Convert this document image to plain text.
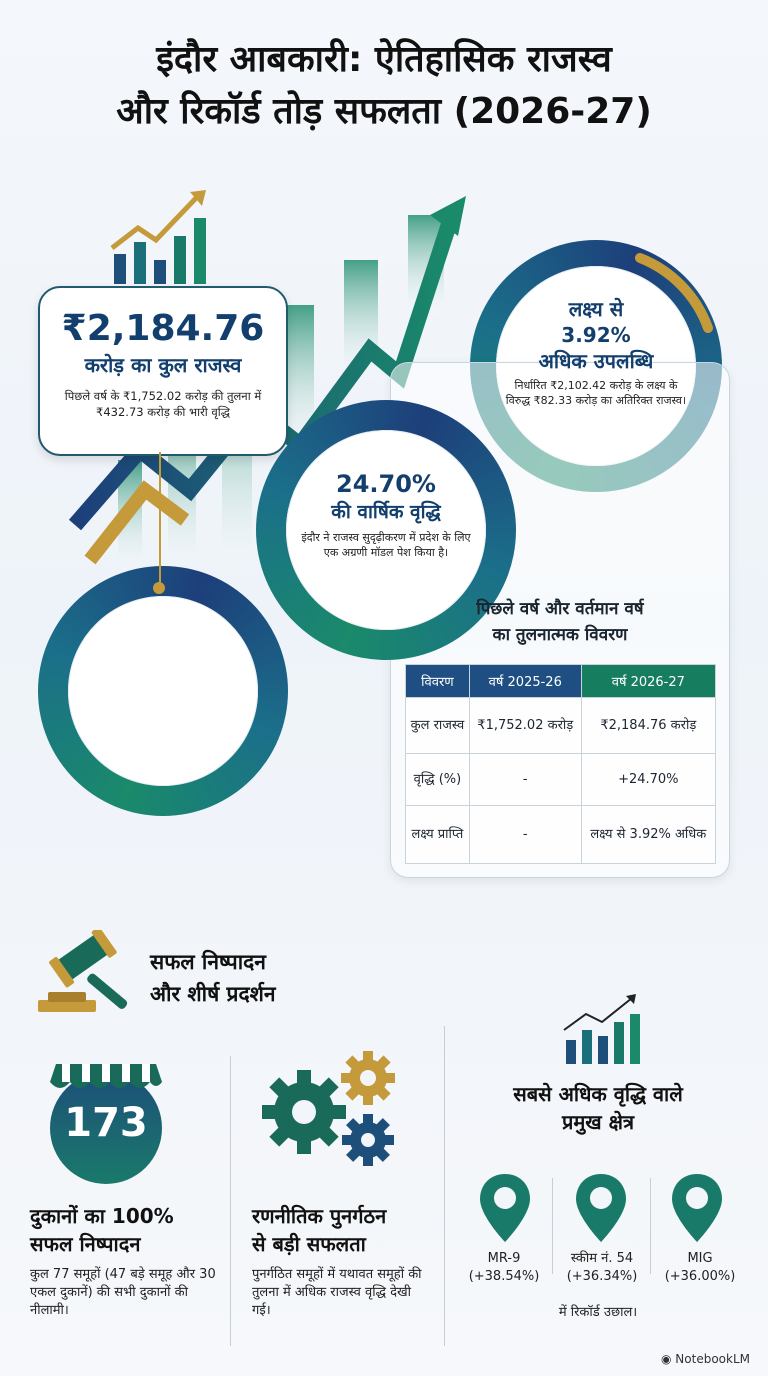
इंदौर आबकारी: ऐतिहासिक राजस्व
और रिकॉर्ड तोड़ सफलता (2026-27)
₹2,184.76
करोड़ का कुल राजस्व
पिछले वर्ष के ₹1,752.02 करोड़ की तुलना में ₹432.73 करोड़ की भारी वृद्धि
लक्ष्य से
3.92%
अधिक उपलब्धि
निर्धारित ₹2,102.42 करोड़ के लक्ष्य के विरुद्ध ₹82.33 करोड़ का अतिरिक्त राजस्व।
24.70%
की वार्षिक वृद्धि
इंदौर ने राजस्व सुदृढ़ीकरण में प्रदेश के लिए एक अग्रणी मॉडल पेश किया है।
पिछले वर्ष और वर्तमान वर्ष
का तुलनात्मक विवरण
विवरण	वर्ष 2025-26	वर्ष 2026-27
कुल राजस्व	₹1,752.02 करोड़	₹2,184.76 करोड़
वृद्धि (%)	-	+24.70%
लक्ष्य प्राप्ति	-	लक्ष्य से 3.92% अधिक
सफल निष्पादन
और शीर्ष प्रदर्शन
173
दुकानों का 100%
सफल निष्पादन
कुल 77 समूहों (47 बड़े समूह और 30 एकल दुकानें) की सभी दुकानों की नीलामी।
रणनीतिक पुनर्गठन
से बड़ी सफलता
पुनर्गठित समूहों में यथावत समूहों की तुलना में अधिक राजस्व वृद्धि देखी गई।
सबसे अधिक वृद्धि वाले
प्रमुख क्षेत्र
MR-9
(+38.54%)
स्कीम नं. 54
(+36.34%)
MIG
(+36.00%)
में रिकॉर्ड उछाल।
◉ NotebookLM
